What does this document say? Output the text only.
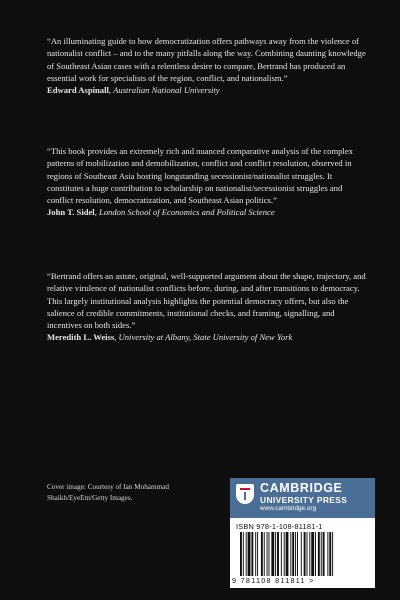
“An illuminating guide to how democratization offers pathways away from the violence of nationalist conflict – and to the many pitfalls along the way. Combining daunting knowledge of Southeast Asian cases with a relentless desire to compare, Bertrand has produced an essential work for specialists of the region, conflict, and nationalism.”

Edward Aspinall, Australian National University

“This book provides an extremely rich and nuanced comparative analysis of the complex patterns of mobilization and demobilization, conflict and conflict resolution, observed in regions of Southeast Asia hosting longstanding secessionist/nationalist struggles. It constitutes a huge contribution to scholarship on nationalist/secessionist struggles and conflict resolution, democratization, and Southeast Asian politics.”

John T. Sidel, London School of Economics and Political Science

“Bertrand offers an astute, original, well-supported argument about the shape, trajectory, and relative virulence of nationalist conflicts before, during, and after transitions to democracy. This largely institutional analysis highlights the potential democracy offers, but also the salience of credible commitments, institutional checks, and framing, signalling, and incentives on both sides.”

Meredith L. Weiss, University at Albany, State University of New York

Cover image: Courtesy of Ian Mohammad Shaikh/EyeEm/Getty Images.
CAMBRIDGE
UNIVERSITY PRESS
www.cambridge.org
ISBN 978-1-108-81181-1
9 781108 811811 >
